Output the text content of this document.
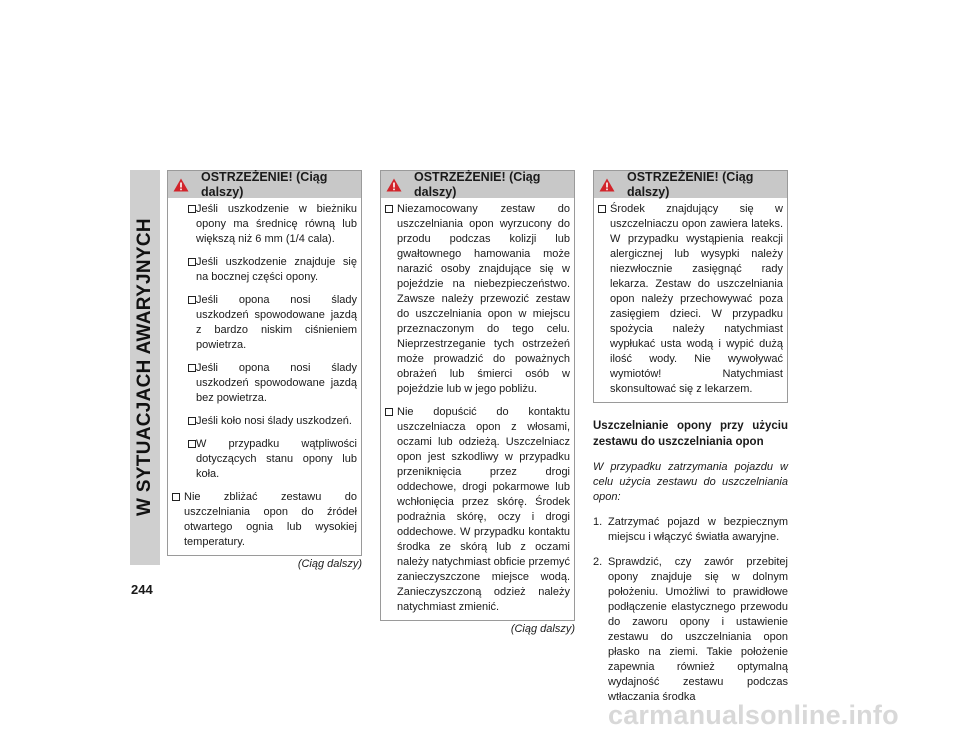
W SYTUACJACH AWARYJNYCH
244
OSTRZEŻENIE! (Ciąg dalszy)
Jeśli uszkodzenie w bieżniku opony ma średnicę równą lub większą niż 6 mm (1/4 cala).
Jeśli uszkodzenie znajduje się na bocznej części opony.
Jeśli opona nosi ślady uszkodzeń spowodowane jazdą z bardzo niskim ciśnieniem powietrza.
Jeśli opona nosi ślady uszkodzeń spowodowane jazdą bez powietrza.
Jeśli koło nosi ślady uszkodzeń.
W przypadku wątpliwości dotyczących stanu opony lub koła.
Nie zbliżać zestawu do uszczelniania opon do źródeł otwartego ognia lub wysokiej temperatury.
(Ciąg dalszy)
OSTRZEŻENIE! (Ciąg dalszy)
Niezamocowany zestaw do uszczelniania opon wyrzucony do przodu podczas kolizji lub gwałtownego hamowania może narazić osoby znajdujące się w pojeździe na niebezpieczeństwo. Zawsze należy przewozić zestaw do uszczelniania opon w miejscu przeznaczonym do tego celu. Nieprzestrzeganie tych ostrzeżeń może prowadzić do poważnych obrażeń lub śmierci osób w pojeździe lub w jego pobliżu.
Nie dopuścić do kontaktu uszczelniacza opon z włosami, oczami lub odzieżą. Uszczelniacz opon jest szkodliwy w przypadku przeniknięcia przez drogi oddechowe, drogi pokarmowe lub wchłonięcia przez skórę. Środek podrażnia skórę, oczy i drogi oddechowe. W przypadku kontaktu środka ze skórą lub z oczami należy natychmiast obficie przemyć zanieczyszczone miejsce wodą. Zanieczyszczoną odzież należy natychmiast zmienić.
(Ciąg dalszy)
OSTRZEŻENIE! (Ciąg dalszy)
Środek znajdujący się w uszczelniaczu opon zawiera lateks. W przypadku wystąpienia reakcji alergicznej lub wysypki należy niezwłocznie zasięgnąć rady lekarza. Zestaw do uszczelniania opon należy przechowywać poza zasięgiem dzieci. W przypadku spożycia należy natychmiast wypłukać usta wodą i wypić dużą ilość wody. Nie wywoływać wymiotów! Natychmiast skonsultować się z lekarzem.
Uszczelnianie opony przy użyciu zestawu do uszczelniania opon
W przypadku zatrzymania pojazdu w celu użycia zestawu do uszczelniania opon:
1. Zatrzymać pojazd w bezpiecznym miejscu i włączyć światła awaryjne.
2. Sprawdzić, czy zawór przebitej opony znajduje się w dolnym położeniu. Umożliwi to prawidłowe podłączenie elastycznego przewodu do zaworu opony i ustawienie zestawu do uszczelniania opon płasko na ziemi. Takie położenie zapewnia również optymalną wydajność zestawu podczas wtłaczania środka
carmanualsonline.info
